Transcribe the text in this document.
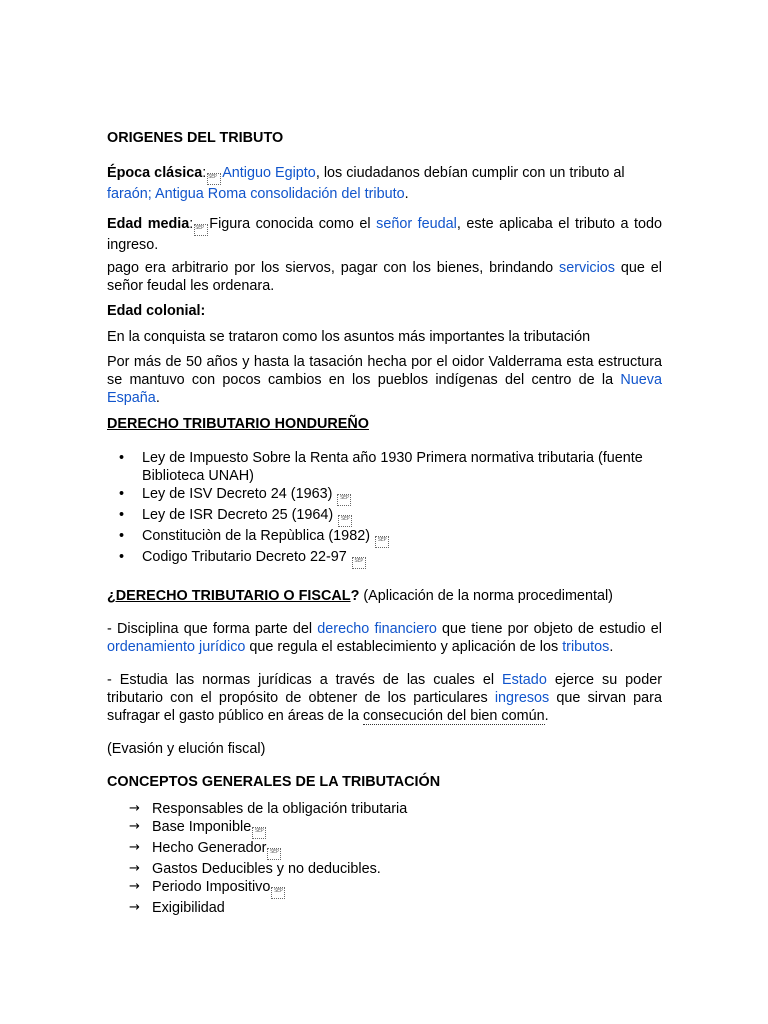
ORIGENES DEL TRIBUTO
Época clásica: SEP Antiguo Egipto, los ciudadanos debían cumplir con un tributo al
faraón; Antigua Roma consolidación del tributo.
Edad media: SEP Figura conocida como el señor feudal, este aplicaba el tributo a todo ingreso.
pago era arbitrario por los siervos, pagar con los bienes, brindando servicios que el señor feudal les ordenara.
Edad colonial:
En la conquista se trataron como los asuntos más importantes la tributación
Por más de 50 años y hasta la tasación hecha por el oidor Valderrama esta estructura se mantuvo con pocos cambios en los pueblos indígenas del centro de la Nueva España.
DERECHO TRIBUTARIO HONDUREÑO
• Ley de Impuesto Sobre la Renta año 1930 Primera normativa tributaria (fuente Biblioteca UNAH)
• Ley de ISV Decreto 24 (1963) SEP
• Ley de ISR Decreto 25 (1964) SEP
• Constituciòn de la Repùblica (1982) SEP
• Codigo Tributario Decreto 22-97 SEP
¿DERECHO TRIBUTARIO O FISCAL? (Aplicación de la norma procedimental)
- Disciplina que forma parte del derecho financiero que tiene por objeto de estudio el ordenamiento jurídico que regula el establecimiento y aplicación de los tributos.
- Estudia las normas jurídicas a través de las cuales el Estado ejerce su poder tributario con el propósito de obtener de los particulares ingresos que sirvan para sufragar el gasto público en áreas de la consecución del bien común.
(Evasión y elución fiscal)
CONCEPTOS GENERALES DE LA TRIBUTACIÓN
→ Responsables de la obligación tributaria
→ Base Imponible SEP
→ Hecho Generador SEP
→ Gastos Deducibles y no deducibles.
→ Periodo Impositivo SEP
→ Exigibilidad
